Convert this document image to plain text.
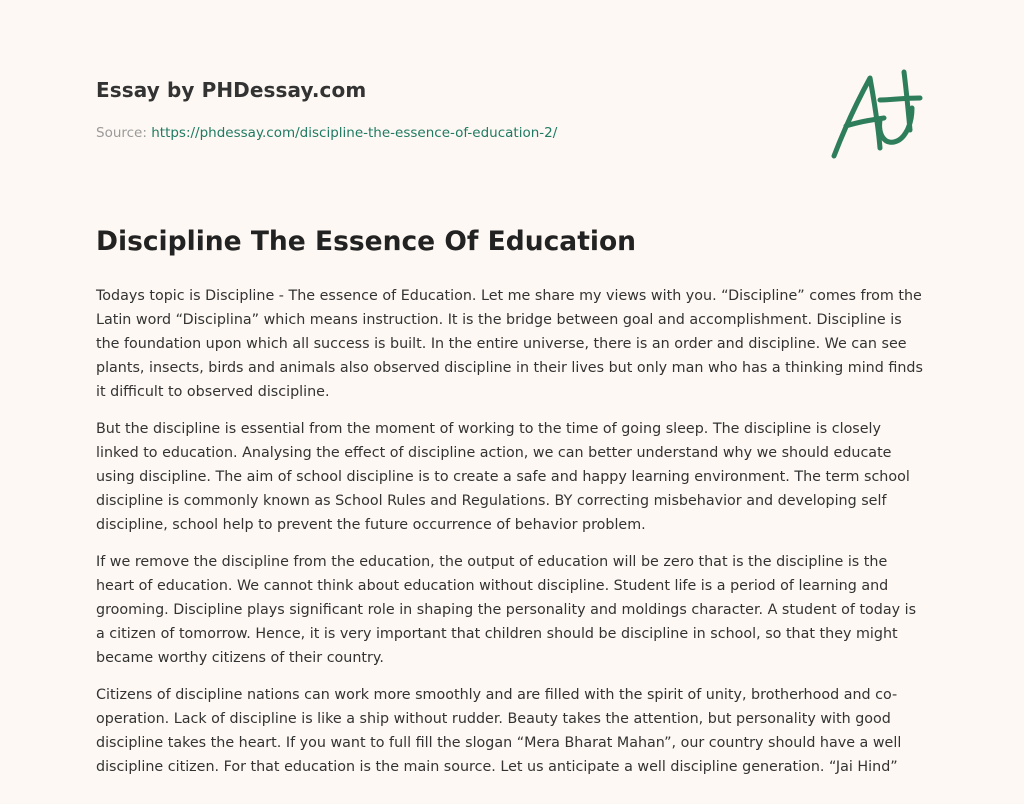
Essay by PHDessay.com
Source: https://phdessay.com/discipline-the-essence-of-education-2/
Discipline The Essence Of Education

Todays topic is Discipline - The essence of Education. Let me share my views with you. “Discipline” comes from the Latin word “Disciplina” which means instruction. It is the bridge between goal and accomplishment. Discipline is the foundation upon which all success is built. In the entire universe, there is an order and discipline. We can see plants, insects, birds and animals also observed discipline in their lives but only man who has a thinking mind finds it difficult to observed discipline.

But the discipline is essential from the moment of working to the time of going sleep. The discipline is closely linked to education. Analysing the effect of discipline action, we can better understand why we should educate using discipline. The aim of school discipline is to create a safe and happy learning environment. The term school discipline is commonly known as School Rules and Regulations. BY correcting misbehavior and developing self discipline, school help to prevent the future occurrence of behavior problem.

If we remove the discipline from the education, the output of education will be zero that is the discipline is the heart of education. We cannot think about education without discipline. Student life is a period of learning and grooming. Discipline plays significant role in shaping the personality and moldings character. A student of today is a citizen of tomorrow. Hence, it is very important that children should be discipline in school, so that they might became worthy citizens of their country.

Citizens of discipline nations can work more smoothly and are filled with the spirit of unity, brotherhood and co-operation. Lack of discipline is like a ship without rudder. Beauty takes the attention, but personality with good discipline takes the heart. If you want to full fill the slogan “Mera Bharat Mahan”, our country should have a well discipline citizen. For that education is the main source. Let us anticipate a well discipline generation. “Jai Hind”
